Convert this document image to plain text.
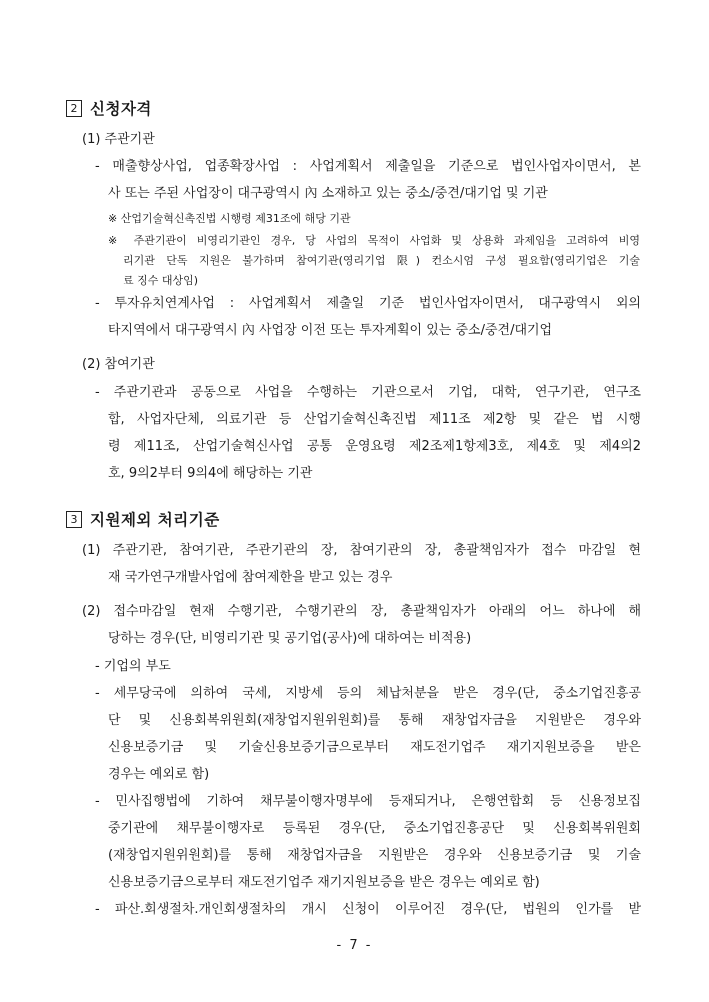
2 신청자격
(1) 주관기관
- 매출향상사업, 업종확장사업 : 사업계획서 제출일을 기준으로 법인사업자이면서, 본
사 또는 주된 사업장이 대구광역시 內 소재하고 있는 중소/중견/대기업 및 기관
※ 산업기술혁신촉진법 시행령 제31조에 해당 기관
※ 주관기관이 비영리기관인 경우, 당 사업의 목적이 사업화 및 상용화 과제임을 고려하여 비영
리기관 단독 지원은 불가하며 참여기관(영리기업 限) 컨소시엄 구성 필요함(영리기업은 기술
료 징수 대상임)
- 투자유치연계사업 : 사업계획서 제출일 기준 법인사업자이면서, 대구광역시 외의
타지역에서 대구광역시 內 사업장 이전 또는 투자계획이 있는 중소/중견/대기업
(2) 참여기관
- 주관기관과 공동으로 사업을 수행하는 기관으로서 기업, 대학, 연구기관, 연구조
합, 사업자단체, 의료기관 등 산업기술혁신촉진법 제11조 제2항 및 같은 법 시행
령 제11조, 산업기술혁신사업 공통 운영요령 제2조제1항제3호, 제4호 및 제4의2
호, 9의2부터 9의4에 해당하는 기관
3 지원제외 처리기준
(1) 주관기관, 참여기관, 주관기관의 장, 참여기관의 장, 총괄책임자가 접수 마감일 현
재 국가연구개발사업에 참여제한을 받고 있는 경우
(2) 접수마감일 현재 수행기관, 수행기관의 장, 총괄책임자가 아래의 어느 하나에 해
당하는 경우(단, 비영리기관 및 공기업(공사)에 대하여는 비적용)
- 기업의 부도
- 세무당국에 의하여 국세, 지방세 등의 체납처분을 받은 경우(단, 중소기업진흥공
단 및 신용회복위원회(재창업지원위원회)를 통해 재창업자금을 지원받은 경우와
신용보증기금 및 기술신용보증기금으로부터 재도전기업주 재기지원보증을 받은
경우는 예외로 함)
- 민사집행법에 기하여 채무불이행자명부에 등재되거나, 은행연합회 등 신용정보집
중기관에 채무불이행자로 등록된 경우(단, 중소기업진흥공단 및 신용회복위원회
(재창업지원위원회)를 통해 재창업자금을 지원받은 경우와 신용보증기금 및 기술
신용보증기금으로부터 재도전기업주 재기지원보증을 받은 경우는 예외로 함)
- 파산.회생절차.개인회생절차의 개시 신청이 이루어진 경우(단, 법원의 인가를 받
- 7 -
